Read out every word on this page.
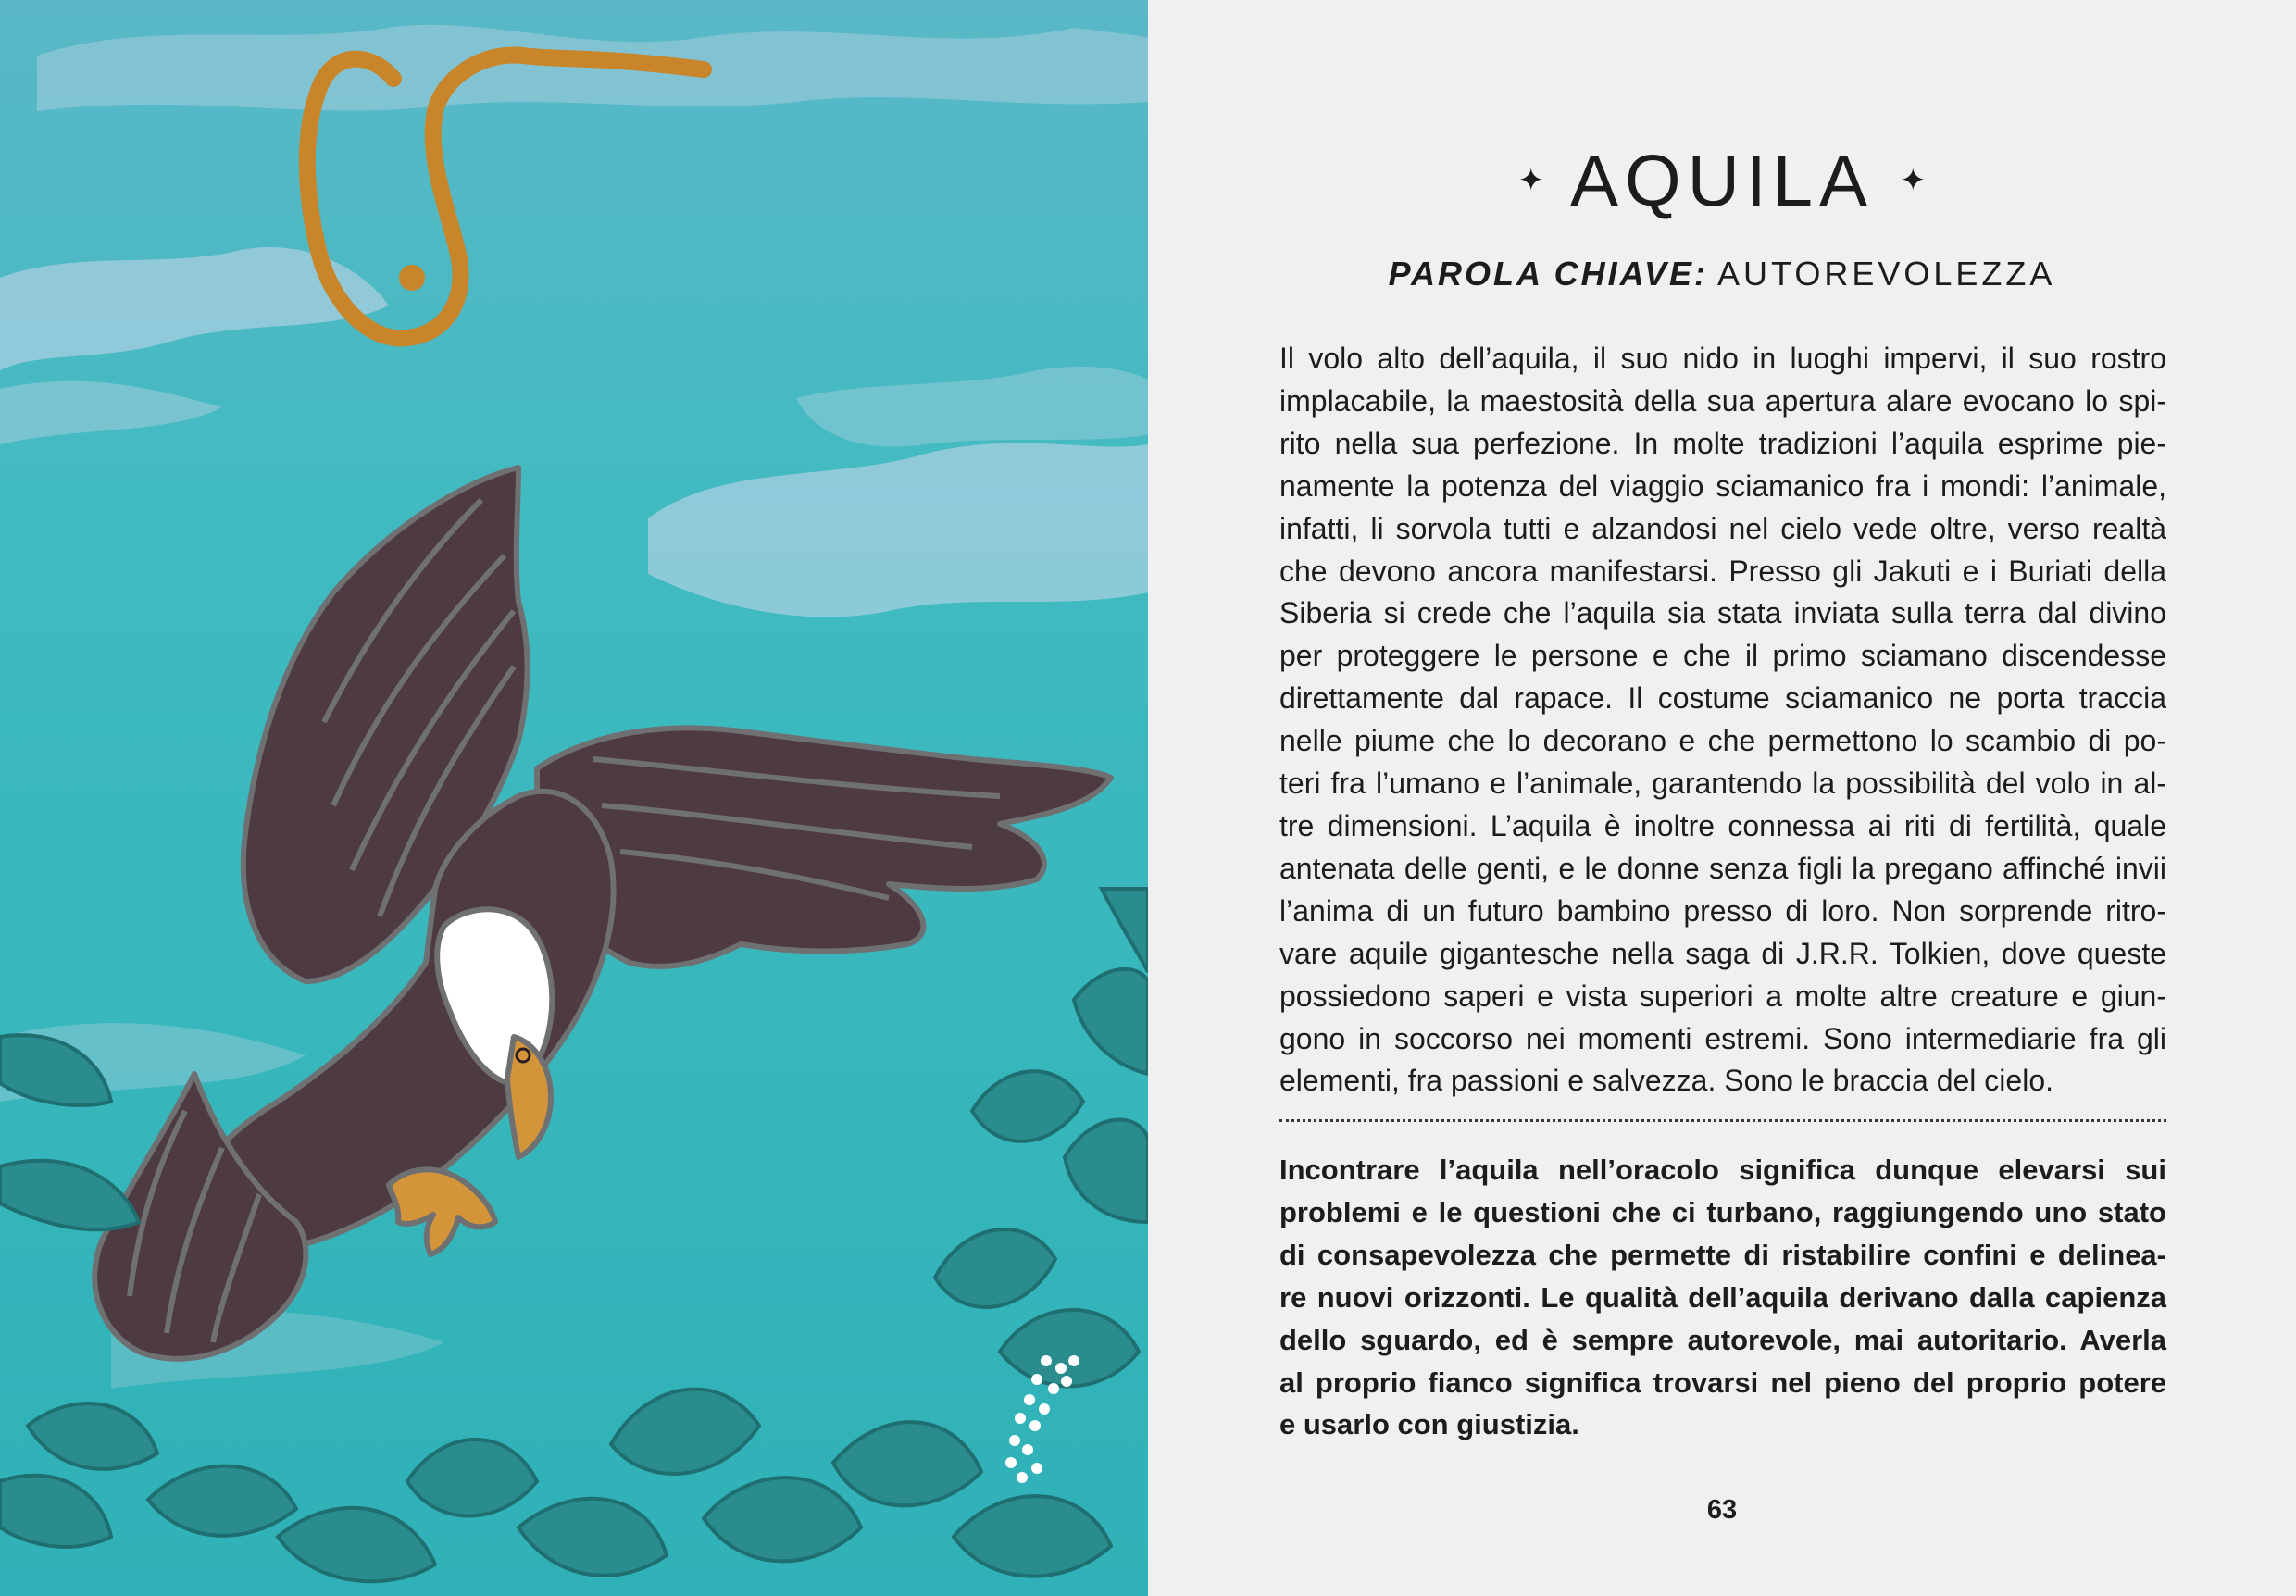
✦ AQUILA ✦
PAROLA CHIAVE: AUTOREVOLEZZA
Il volo alto dell’aquila, il suo nido in luoghi impervi, il suo rostro
implacabile, la maestosità della sua apertura alare evocano lo spi-
rito nella sua perfezione. In molte tradizioni l’aquila esprime pie-
namente la potenza del viaggio sciamanico fra i mondi: l’animale,
infatti, li sorvola tutti e alzandosi nel cielo vede oltre, verso realtà
che devono ancora manifestarsi. Presso gli Jakuti e i Buriati della
Siberia si crede che l’aquila sia stata inviata sulla terra dal divino
per proteggere le persone e che il primo sciamano discendesse
direttamente dal rapace. Il costume sciamanico ne porta traccia
nelle piume che lo decorano e che permettono lo scambio di po-
teri fra l’umano e l’animale, garantendo la possibilità del volo in al-
tre dimensioni. L’aquila è inoltre connessa ai riti di fertilità, quale
antenata delle genti, e le donne senza figli la pregano affinché invii
l’anima di un futuro bambino presso di loro. Non sorprende ritro-
vare aquile gigantesche nella saga di J.R.R. Tolkien, dove queste
possiedono saperi e vista superiori a molte altre creature e giun-
gono in soccorso nei momenti estremi. Sono intermediarie fra gli
elementi, fra passioni e salvezza. Sono le braccia del cielo.
Incontrare l’aquila nell’oracolo significa dunque elevarsi sui
problemi e le questioni che ci turbano, raggiungendo uno stato
di consapevolezza che permette di ristabilire confini e delinea-
re nuovi orizzonti. Le qualità dell’aquila derivano dalla capienza
dello sguardo, ed è sempre autorevole, mai autoritario. Averla
al proprio fianco significa trovarsi nel pieno del proprio potere
e usarlo con giustizia.
63
